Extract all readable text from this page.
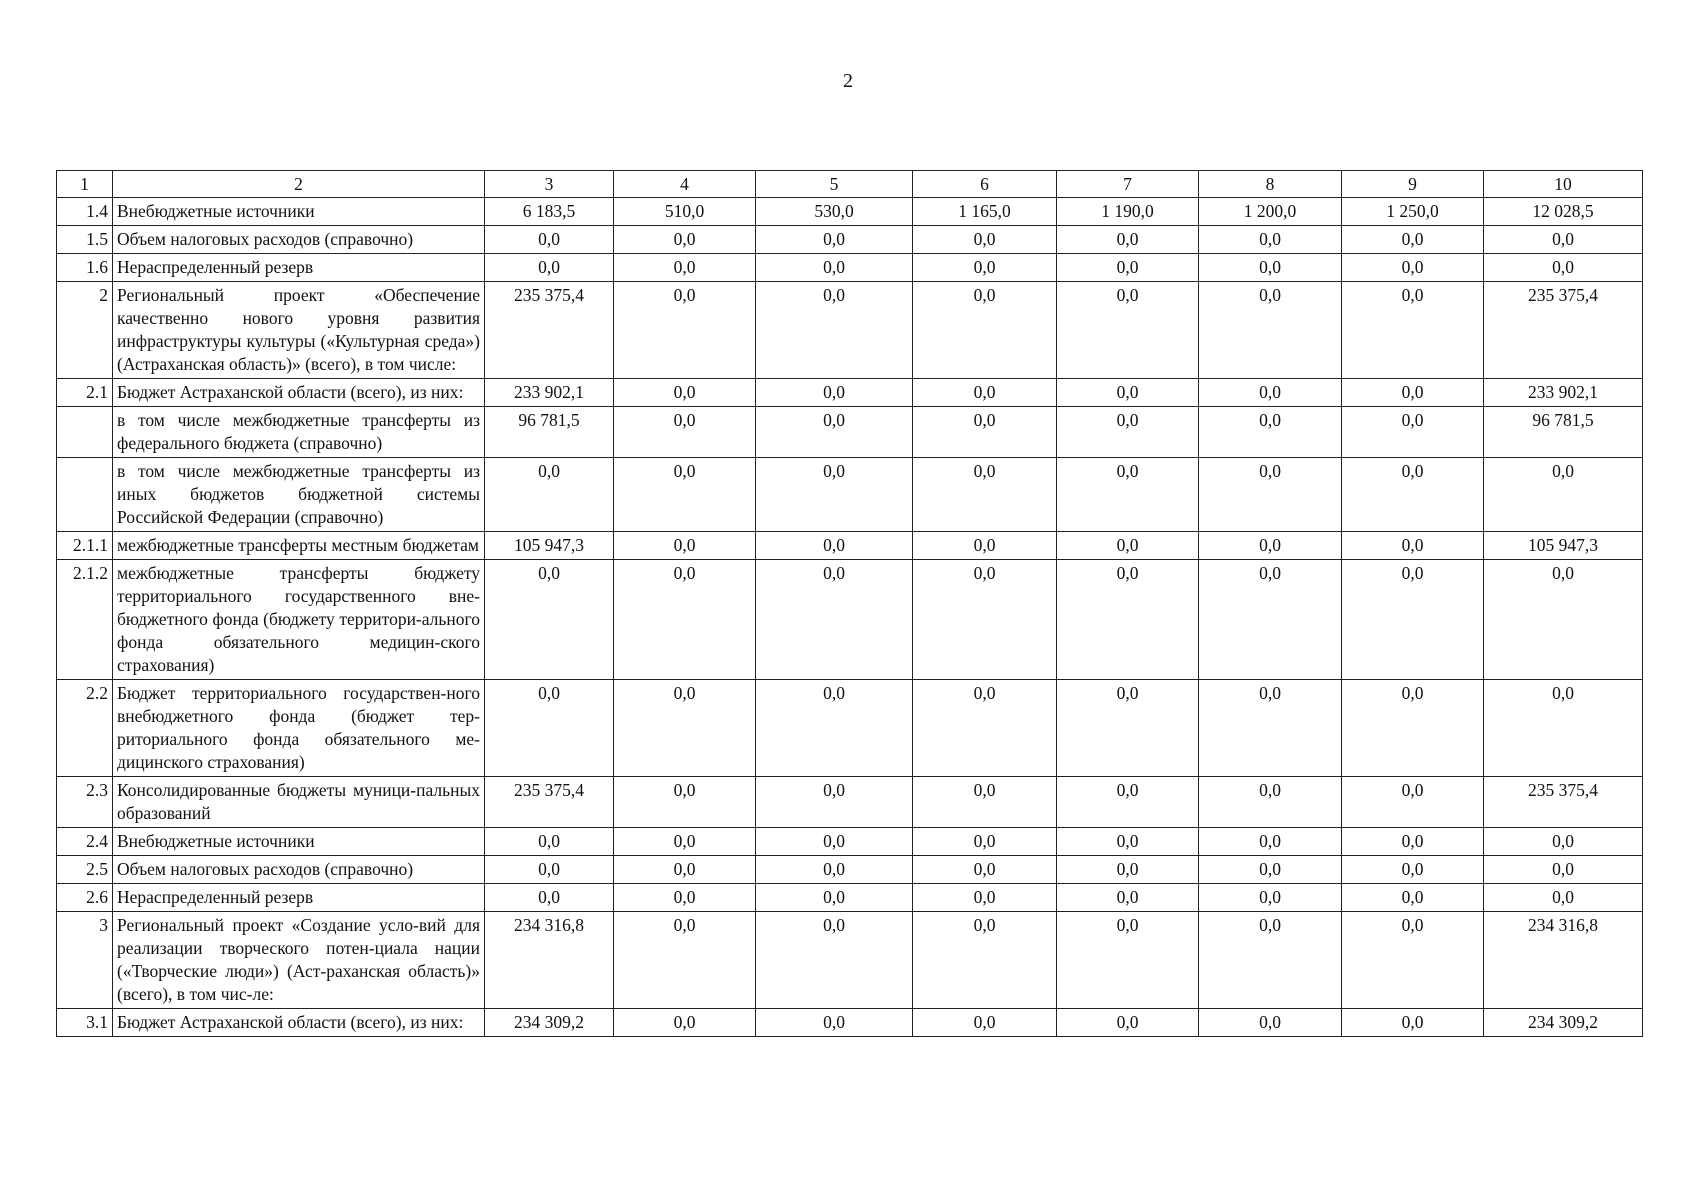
2
1	2	3	4	5	6	7	8	9	10
1.4	Внебюджетные источники	6 183,5	510,0	530,0	1 165,0	1 190,0	1 200,0	1 250,0	12 028,5
1.5	Объем налоговых расходов (справочно)	0,0	0,0	0,0	0,0	0,0	0,0	0,0	0,0
1.6	Нераспределенный резерв	0,0	0,0	0,0	0,0	0,0	0,0	0,0	0,0
2	Региональный проект «Обеспечение качественно нового уровня развития инфраструктуры культуры («Культурная среда») (Астраханская область)» (всего), в том числе:	235 375,4	0,0	0,0	0,0	0,0	0,0	0,0	235 375,4
2.1	Бюджет Астраханской области (всего), из них:	233 902,1	0,0	0,0	0,0	0,0	0,0	0,0	233 902,1
	в том числе межбюджетные трансферты из федерального бюджета (справочно)	96 781,5	0,0	0,0	0,0	0,0	0,0	0,0	96 781,5
	в том числе межбюджетные трансферты из иных бюджетов бюджетной системы Российской Федерации (справочно)	0,0	0,0	0,0	0,0	0,0	0,0	0,0	0,0
2.1.1	межбюджетные трансферты местным бюджетам	105 947,3	0,0	0,0	0,0	0,0	0,0	0,0	105 947,3
2.1.2	межбюджетные трансферты бюджету территориального государственного вне-бюджетного фонда (бюджету территори-ального фонда обязательного медицин-ского страхования)	0,0	0,0	0,0	0,0	0,0	0,0	0,0	0,0
2.2	Бюджет территориального государствен-ного внебюджетного фонда (бюджет тер-риториального фонда обязательного ме-дицинского страхования)	0,0	0,0	0,0	0,0	0,0	0,0	0,0	0,0
2.3	Консолидированные бюджеты муници-пальных образований	235 375,4	0,0	0,0	0,0	0,0	0,0	0,0	235 375,4
2.4	Внебюджетные источники	0,0	0,0	0,0	0,0	0,0	0,0	0,0	0,0
2.5	Объем налоговых расходов (справочно)	0,0	0,0	0,0	0,0	0,0	0,0	0,0	0,0
2.6	Нераспределенный резерв	0,0	0,0	0,0	0,0	0,0	0,0	0,0	0,0
3	Региональный проект «Создание усло-вий для реализации творческого потен-циала нации («Творческие люди») (Аст-раханская область)» (всего), в том чис-ле:	234 316,8	0,0	0,0	0,0	0,0	0,0	0,0	234 316,8
3.1	Бюджет Астраханской области (всего), из них:	234 309,2	0,0	0,0	0,0	0,0	0,0	0,0	234 309,2
